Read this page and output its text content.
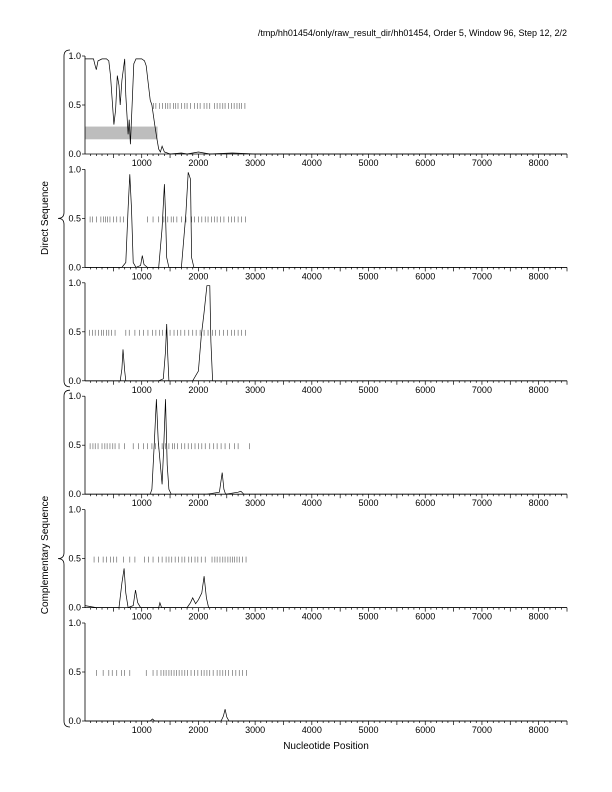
/tmp/hh01454/only/raw_result_dir/hh01454, Order 5, Window 96, Step 12, 2/2
0.0
0.5
1.0
1000	2000	3000	4000	5000	6000	7000	8000
0.0
0.5
1.0
1000	2000	3000	4000	5000	6000	7000	8000
0.0
0.5
1.0
1000	2000	3000	4000	5000	6000	7000	8000
0.0
0.5
1.0
1000	2000	3000	4000	5000	6000	7000	8000
0.0
0.5
1.0
1000	2000	3000	4000	5000	6000	7000	8000
0.0
0.5
1.0
1000	2000	3000	4000	5000	6000	7000	8000
Direct Sequence
Complementary Sequence
Nucleotide Position
